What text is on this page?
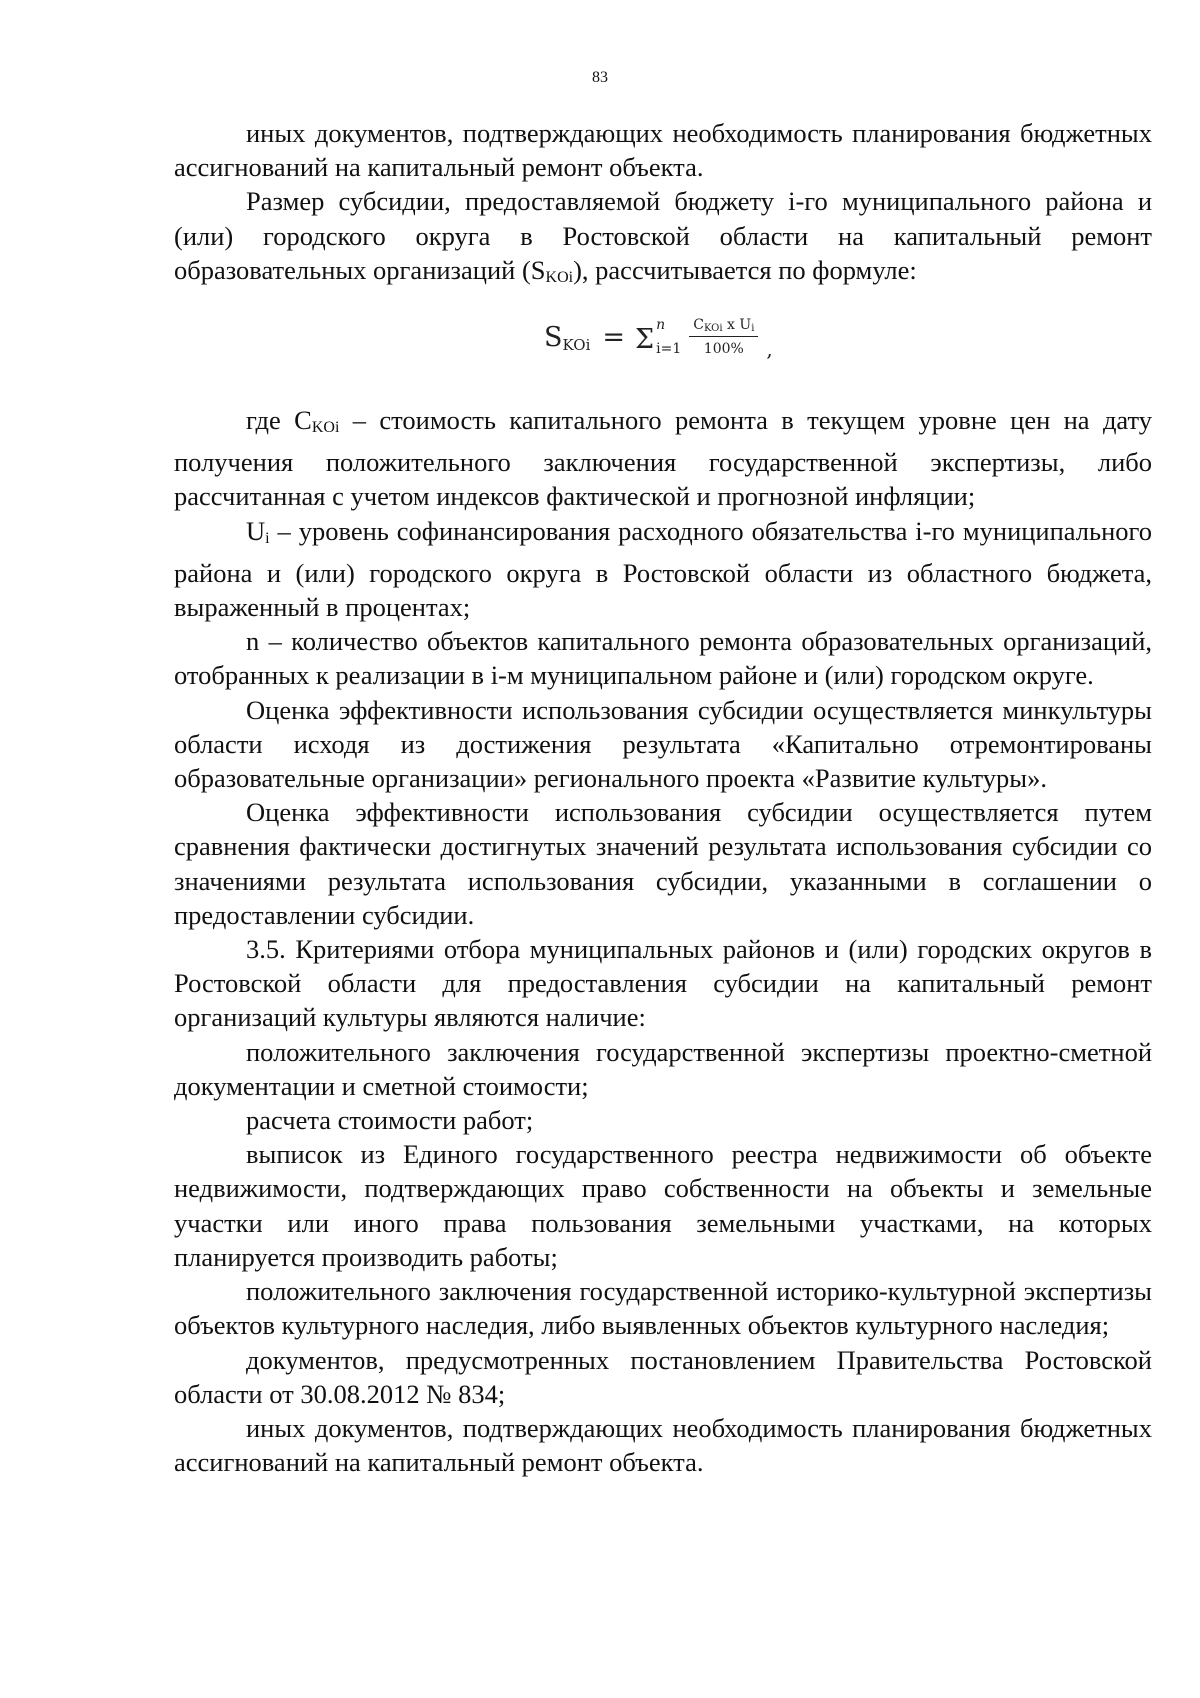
83

иных документов, подтверждающих необходимость планирования бюджетных ассигнований на капитальный ремонт объекта.

Размер субсидии, предоставляемой бюджету i-го муниципального района и (или) городского округа в Ростовской области на капитальный ремонт образовательных организаций (SKOi), рассчитывается по формуле:

S KOi = Σ n
$i=1 \frac{\text{CKOi x Ui}}{100\%}$ ,

где CKOi – стоимость капитального ремонта в текущем уровне цен на дату получения положительного заключения государственной экспертизы, либо рассчитанная с учетом индексов фактической и прогнозной инфляции;

Ui – уровень софинансирования расходного обязательства i-го муниципального района и (или) городского округа в Ростовской области из областного бюджета, выраженный в процентах;

n – количество объектов капитального ремонта образовательных организаций, отобранных к реализации в i-м муниципальном районе и (или) городском округе.

Оценка эффективности использования субсидии осуществляется минкультуры области исходя из достижения результата «Капитально отремонтированы образовательные организации» регионального проекта «Развитие культуры».

Оценка эффективности использования субсидии осуществляется путем сравнения фактически достигнутых значений результата использования субсидии со значениями результата использования субсидии, указанными в соглашении о предоставлении субсидии.

3.5. Критериями отбора муниципальных районов и (или) городских округов в Ростовской области для предоставления субсидии на капитальный ремонт организаций культуры являются наличие:

положительного заключения государственной экспертизы проектно-сметной документации и сметной стоимости;

расчета стоимости работ;

выписок из Единого государственного реестра недвижимости об объекте недвижимости, подтверждающих право собственности на объекты и земельные участки или иного права пользования земельными участками, на которых планируется производить работы;

положительного заключения государственной историко-культурной экспертизы объектов культурного наследия, либо выявленных объектов культурного наследия;

документов, предусмотренных постановлением Правительства Ростовской области от 30.08.2012 № 834;

иных документов, подтверждающих необходимость планирования бюджетных ассигнований на капитальный ремонт объекта.
